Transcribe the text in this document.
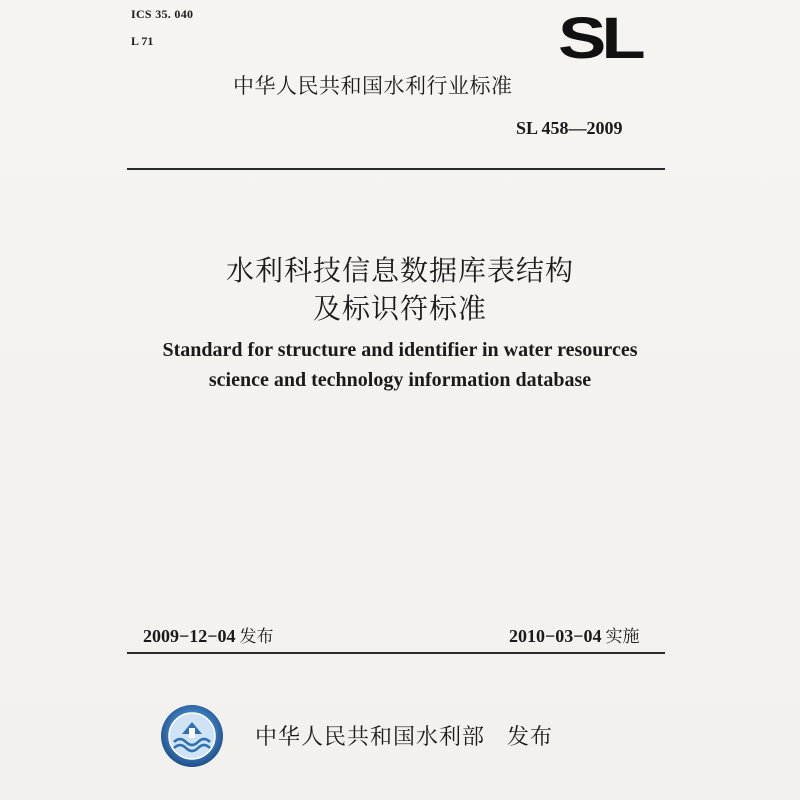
ICS 35. 040
L 71	SL
中华人民共和国水利行业标准
SL 458—2009
水利科技信息数据库表结构
及标识符标准
Standard for structure and identifier in water resources
science and technology information database
2009−12−04 发布	2010−03−04 实施
中华人民共和国水利部 发布
